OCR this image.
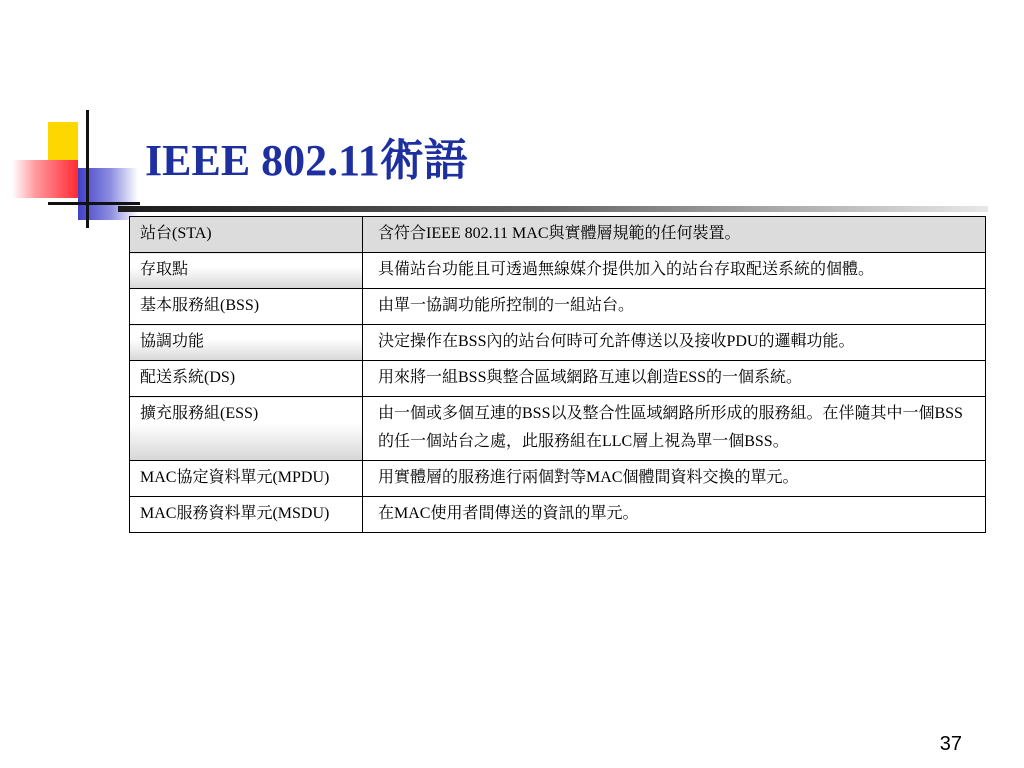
IEEE 802.11術語
站台(STA)	含符合IEEE 802.11 MAC與實體層規範的任何裝置。
存取點	具備站台功能且可透過無線媒介提供加入的站台存取配送系統的個體。
基本服務組(BSS)	由單一協調功能所控制的一組站台。
協調功能	決定操作在BSS內的站台何時可允許傳送以及接收PDU的邏輯功能。
配送系統(DS)	用來將一組BSS與整合區域網路互連以創造ESS的一個系統。
擴充服務組(ESS)	由一個或多個互連的BSS以及整合性區域網路所形成的服務組。在伴隨其中一個BSS的任一個站台之處，此服務組在LLC層上視為單一個BSS。
MAC協定資料單元(MPDU)	用實體層的服務進行兩個對等MAC個體間資料交換的單元。
MAC服務資料單元(MSDU)	在MAC使用者間傳送的資訊的單元。
37
